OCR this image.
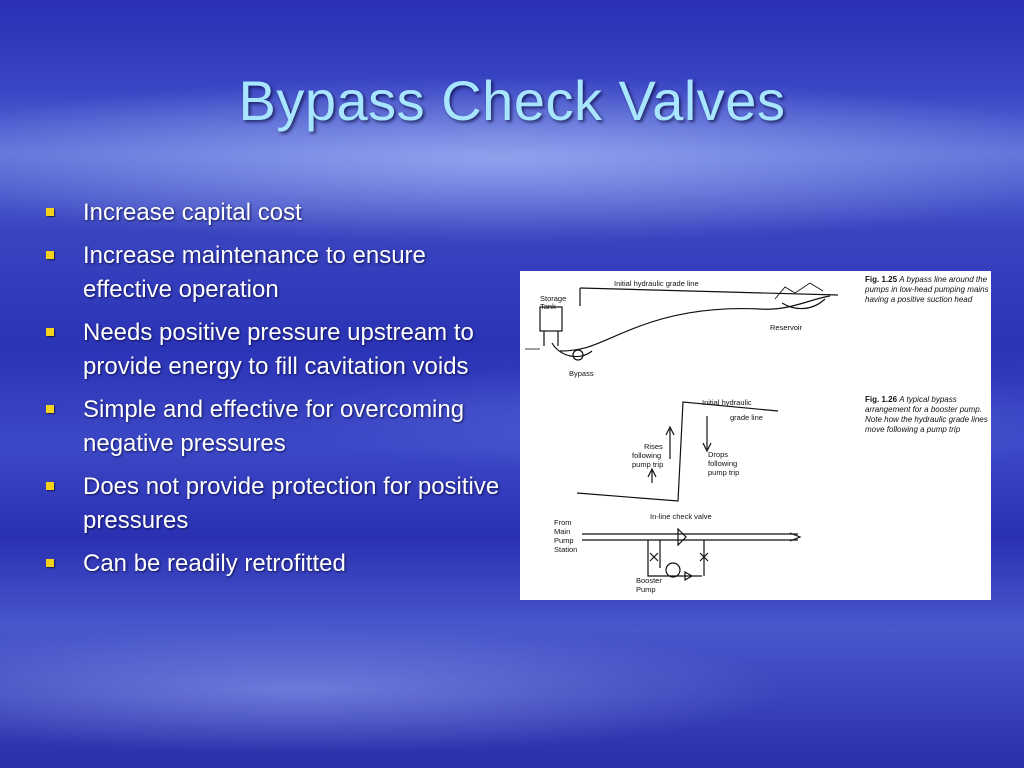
Bypass Check Valves
Increase capital cost
Increase maintenance to ensure effective operation
Needs positive pressure upstream to provide energy to fill cavitation voids
Simple and effective for overcoming negative pressures
Does not provide protection for positive pressures
Can be readily retrofitted
Initial hydraulic grade line
Storage
Tank
Reservoir
Bypass
Initial hydraulic
grade line
Rises
following
pump trip
Drops
following
pump trip
In-line check valve
From
Main
Pump
Station
Booster
Pump
Fig. 1.25 A bypass line around the pumps in low-head pumping mains having a positive suction head
Fig. 1.26 A typical bypass arrangement for a booster pump. Note how the hydraulic grade lines move following a pump trip
